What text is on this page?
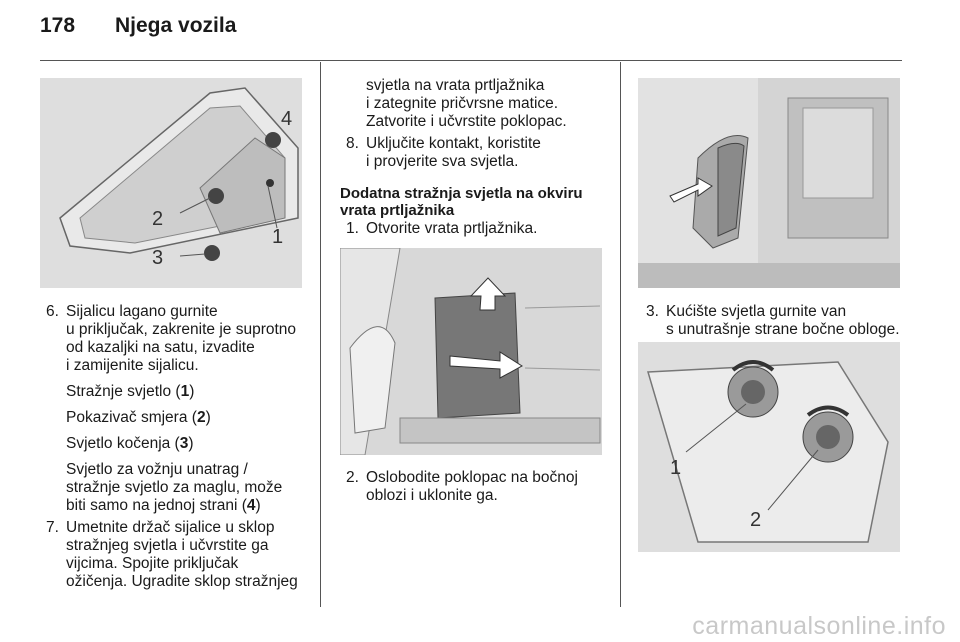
178 Njega vozila
4
2
1
3
6. Sijalicu lagano gurnite

u priključak, zakrenite je suprotno

od kazaljki na satu, izvadite

i zamijenite sijalicu.

Stražnje svjetlo (1)
Pokazivač smjera (2)
Svjetlo kočenja (3)

Svjetlo za vožnju unatrag /

stražnje svjetlo za maglu, može

biti samo na jednoj strani (4)

7. Umetnite držač sijalice u sklop

stražnjeg svjetla i učvrstite ga

vijcima. Spojite priključak

ožičenja. Ugradite sklop stražnjeg

svjetla na vrata prtljažnika

i zategnite pričvrsne matice.

Zatvorite i učvrstite poklopac.

8. Uključite kontakt, koristite

i provjerite sva svjetla.

Dodatna stražnja svjetla na okviru

vrata prtljažnika

1. Otvorite vrata prtljažnika.

2. Oslobodite poklopac na bočnoj

oblozi i uklonite ga.

3. Kućište svjetla gurnite van

s unutrašnje strane bočne obloge.

1
2
carmanualsonline.info
